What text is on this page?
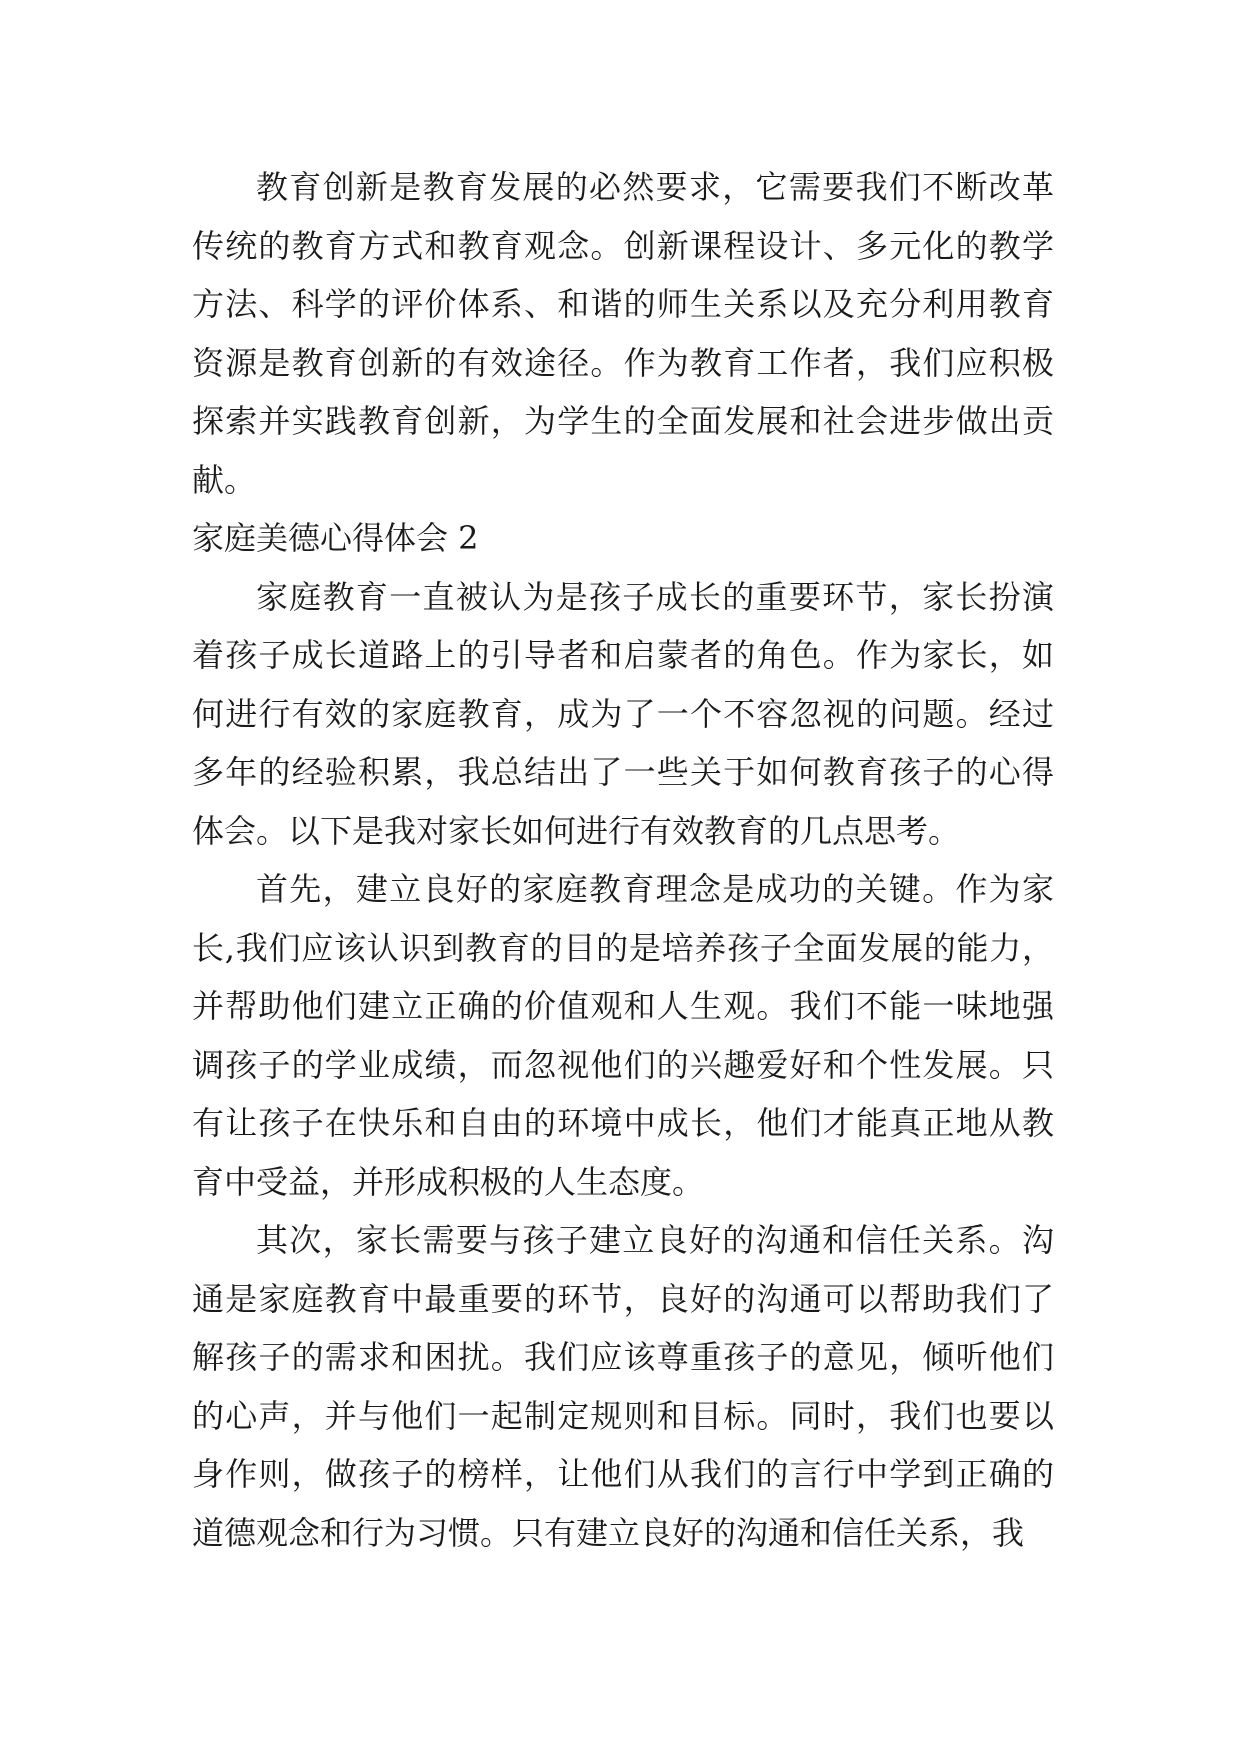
教育创新是教育发展的必然要求，它需要我们不断改革传统的教育方式和教育观念。创新课程设计、多元化的教学方法、科学的评价体系、和谐的师生关系以及充分利用教育资源是教育创新的有效途径。作为教育工作者，我们应积极探索并实践教育创新，为学生的全面发展和社会进步做出贡献。

家庭美德心得体会 2

家庭教育一直被认为是孩子成长的重要环节，家长扮演着孩子成长道路上的引导者和启蒙者的角色。作为家长，如何进行有效的家庭教育，成为了一个不容忽视的问题。经过多年的经验积累，我总结出了一些关于如何教育孩子的心得体会。以下是我对家长如何进行有效教育的几点思考。

首先，建立良好的家庭教育理念是成功的关键。作为家长,我们应该认识到教育的目的是培养孩子全面发展的能力，并帮助他们建立正确的价值观和人生观。我们不能一味地强调孩子的学业成绩，而忽视他们的兴趣爱好和个性发展。只有让孩子在快乐和自由的环境中成长，他们才能真正地从教育中受益，并形成积极的人生态度。

其次，家长需要与孩子建立良好的沟通和信任关系。沟通是家庭教育中最重要的环节，良好的沟通可以帮助我们了解孩子的需求和困扰。我们应该尊重孩子的意见，倾听他们的心声，并与他们一起制定规则和目标。同时，我们也要以身作则，做孩子的榜样，让他们从我们的言行中学到正确的道德观念和行为习惯。只有建立良好的沟通和信任关系，我
